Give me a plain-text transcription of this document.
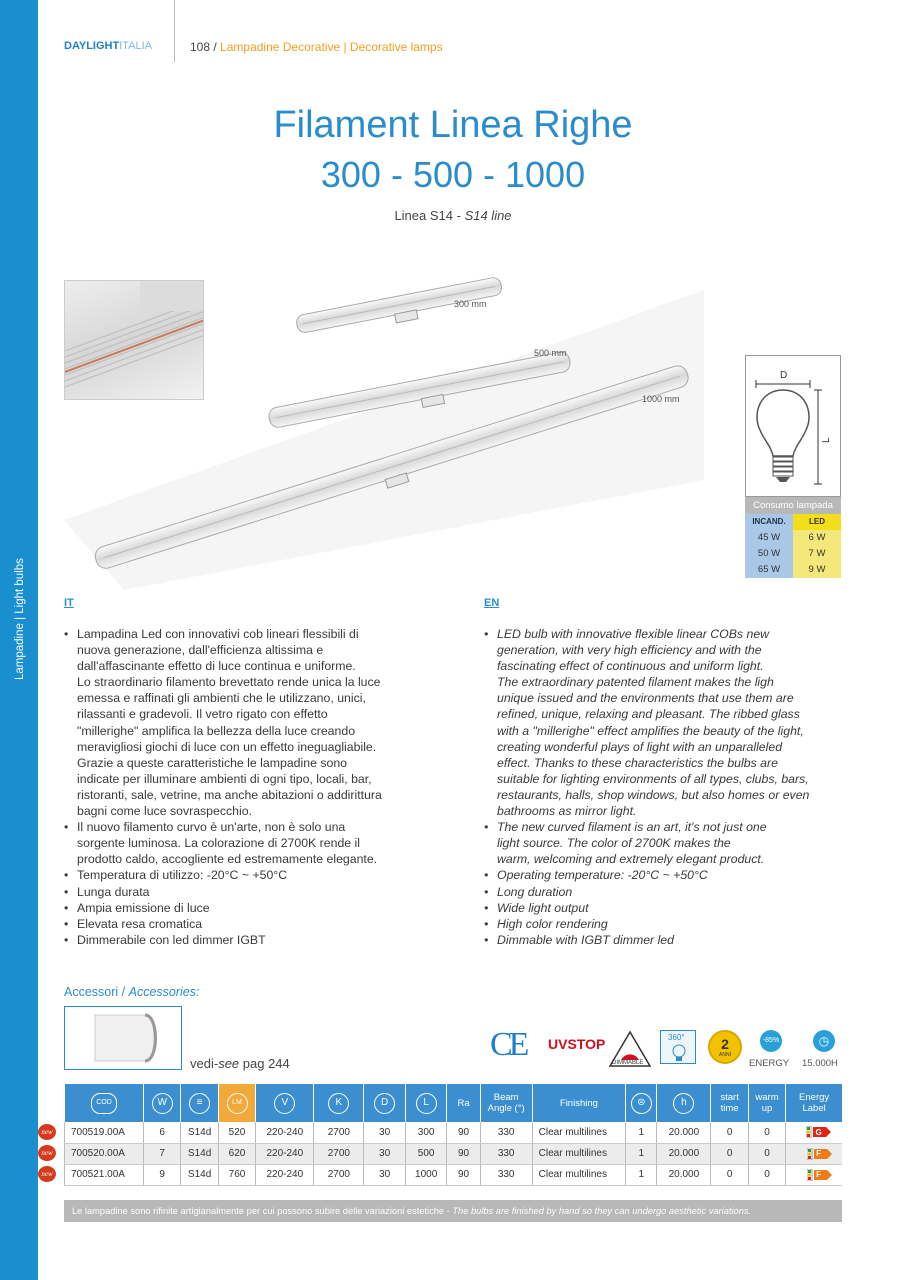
Lampadine | Light bulbs
DAYLIGHTITALIA	108 / Lampadine Decorative | Decorative lamps
Filament Linea Righe
300 - 500 - 1000
Linea S14 - S14 line
300 mm
500 mm
1000 mm
D
L
Consumo lampada
INCAND.	LED
45 W	6 W
50 W	7 W
65 W	9 W
IT
• Lampadina Led con innovativi cob lineari flessibili di
nuova generazione, dall'efficienza altissima e
dall'affascinante effetto di luce continua e uniforme.
Lo straordinario filamento brevettato rende unica la luce
emessa e raffinati gli ambienti che le utilizzano, unici,
rilassanti e gradevoli. Il vetro rigato con effetto
"millerighe" amplifica la bellezza della luce creando
meravigliosi giochi di luce con un effetto ineguagliabile.
Grazie a queste caratteristiche le lampadine sono
indicate per illuminare ambienti di ogni tipo, locali, bar,
ristoranti, sale, vetrine, ma anche abitazioni o addirittura
bagni come luce sovraspecchio.
• Il nuovo filamento curvo è un'arte, non è solo una
sorgente luminosa. La colorazione di 2700K rende il
prodotto caldo, accogliente ed estremamente elegante.
• Temperatura di utilizzo: -20°C ~ +50°C
• Lunga durata
• Ampia emissione di luce
• Elevata resa cromatica
• Dimmerabile con led dimmer IGBT
EN
• LED bulb with innovative flexible linear COBs new
generation, with very high efficiency and with the
fascinating effect of continuous and uniform light.
The extraordinary patented filament makes the ligh
unique issued and the environments that use them are
refined, unique, relaxing and pleasant. The ribbed glass
with a "millerighe" effect amplifies the beauty of the light,
creating wonderful plays of light with an unparalleled
effect. Thanks to these characteristics the bulbs are
suitable for lighting environments of all types, clubs, bars,
restaurants, halls, shop windows, but also homes or even
bathrooms as mirror light.
• The new curved filament is an art, it's not just one
light source. The color of 2700K makes the
warm, welcoming and extremely elegant product.
• Operating temperature: -20°C ~ +50°C
• Long duration
• Wide light output
• High color rendering
• Dimmable with IGBT dimmer led
Accessori / Accessories:
vedi-see pag 244
CE UVSTOP
DIMMABLE
360°	2
ANNI
-85%
ENERGY
◷
15.000H
COD	W	≡	LM	V	K	D	L	Ra	Beam Angle (°)	Finishing	⊜	h	start time	warm up	Energy Label
700519.00A	6	S14d	520	220-240	2700	30	300	90	330	Clear multilines	1	20.000	0	0	G
700520.00A	7	S14d	620	220-240	2700	30	500	90	330	Clear multilines	1	20.000	0	0	F
700521.00A	9	S14d	760	220-240	2700	30	1000	90	330	Clear multilines	1	20.000	0	0	F
new
new
new
Le lampadine sono rifinite artigianalmente per cui possono subire delle variazioni estetiche - The bulbs are finished by hand so they can undergo aesthetic variations.
